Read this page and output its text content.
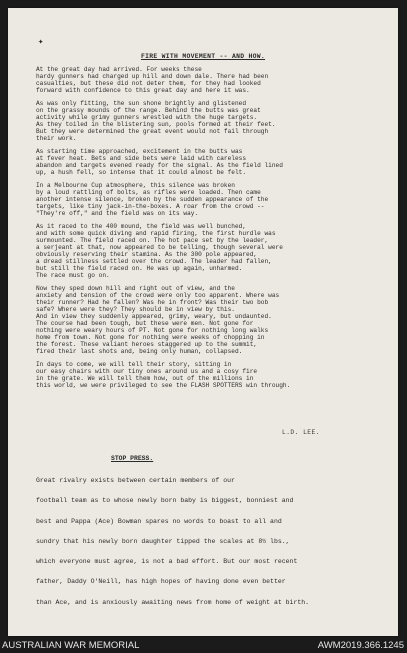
✦
FIRE WITH MOVEMENT -- AND HOW.

At the great day had arrived. For weeks these
hardy gunners had charged up hill and down dale. There had been
casualties, but these did not deter them, for they had looked
forward with confidence to this great day and here it was.

As was only fitting, the sun shone brightly and glistened
on the grassy mounds of the range. Behind the butts was great
activity while grimy gunners wrestled with the huge targets.
As they toiled in the blistering sun, pools formed at their feet.
But they were determined the great event would not fail through
their work.

As starting time approached, excitement in the butts was
at fever heat. Bets and side bets were laid with careless
abandon and targets evened ready for the signal. As the field lined
up, a hush fell, so intense that it could almost be felt.

In a Melbourne Cup atmosphere, this silence was broken
by a loud rattling of bolts, as rifles were loaded. Then came
another intense silence, broken by the sudden appearance of the
targets, like tiny jack-in-the-boxes. A roar from the crowd --
"They're off," and the field was on its way.

As it raced to the 400 mound, the field was well bunched,
and with some quick diving and rapid firing, the first hurdle was
surmounted. The field raced on. The hot pace set by the leader,
a serjeant at that, now appeared to be telling, though several were
obviously reserving their stamina. As the 300 pole appeared,
a dread stillness settled over the crowd. The leader had fallen,
but still the field raced on. He was up again, unharmed.
The race must go on.

Now they sped down hill and right out of view, and the
anxiety and tension of the crowd were only too apparent. Where was
their runner? Had he fallen? Was he in front? Was their two bob
safe? Where were they? They should be in view by this.
And in view they suddenly appeared, grimy, weary, but undaunted.
The course had been tough, but these were men. Not gone for
nothing were weary hours of PT. Not gone for nothing long walks
home from town. Not gone for nothing were weeks of chopping in
the forest. These valiant heroes staggered up to the summit,
fired their last shots and, being only human, collapsed.

In days to come, we will tell their story, sitting in
our easy chairs with our tiny ones around us and a cosy fire
in the grate. We will tell them how, out of the millions in
this world, we were privileged to see the FLASH SPOTTERS win through.

L.D. LEE.
STOP PRESS.
Great rivalry exists between certain members of our
football team as to whose newly born baby is biggest, bonniest and
best and Pappa (Ace) Bowman spares no words to boast to all and
sundry that his newly born daughter tipped the scales at 8½ lbs.,
which everyone must agree, is not a bad effort. But our most recent
father, Daddy O'Neill, has high hopes of having done even better
than Ace, and is anxiously awaiting news from home of weight at birth.
AUSTRALIAN WAR MEMORIAL	AWM2019.366.1245
